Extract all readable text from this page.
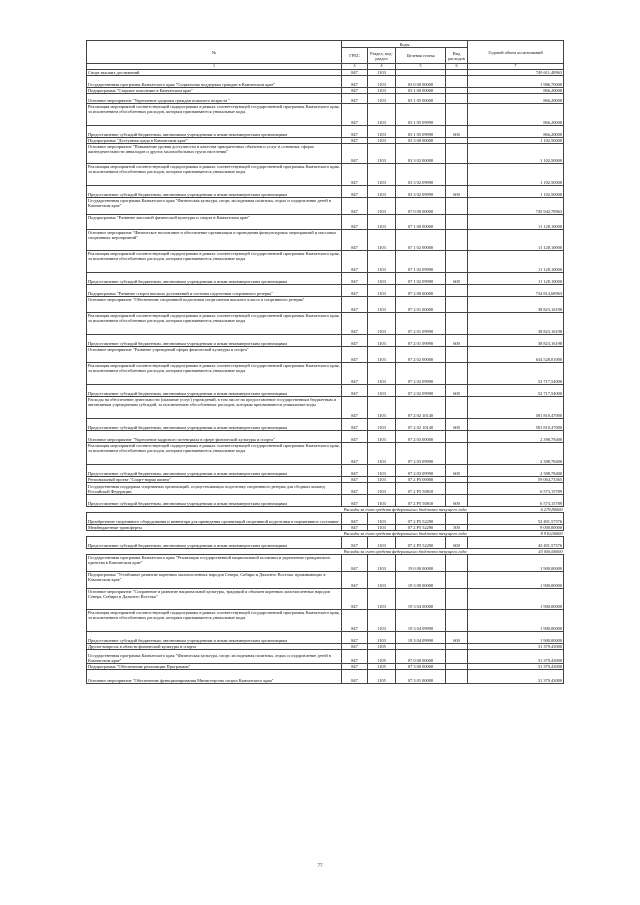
№	Коды				Годовой объем ассигнований
	ГРБС	Раздел, под-раздел	Целевая статья	Вид расходов	
1	3	4	5	6	7
Спорт высших достижений	847	1103			749 611,48963
Государственная программа Камчатского края "Социальная поддержка граждан в Камчатском крае"	847	1103	03 0 00 00000		1 986,70000
Подпрограмма "Старшее поколение в Камчатском крае"	847	1103	03 1 00 00000		866,20000
Основное мероприятие "Укрепление здоровья граждан пожилого возраста "	847	1103	03 1 05 00000		866,20000
Реализация мероприятий соответствующей подпрограммы в рамках соответствующей государственной программы Камчатского края, за исключением обособленных расходов, которым присваиваются уникальные коды	847	1103	03 1 05 09990		866,20000
Предоставление субсидий бюджетным, автономным учреждениям и иным некоммерческим организациям	847	1103	03 1 05 09990	600	866,20000
Подпрограмма "Доступная среда в Камчатском крае"	847	1103	03 3 00 00000		1 102,50000
Основное мероприятие "Повышение уровня доступности и качества приоритетных объектов и услуг в основных сферах жизнедеятельности инвалидов и других маломобильных групп населения"	847	1103	03 3 02 00000		1 102,50000
Реализация мероприятий соответствующей подпрограммы в рамках соответствующей государственной программы Камчатского края, за исключением обособленных расходов, которым присваиваются уникальные коды	847	1103	03 3 02 09990		1 102,50000
Предоставление субсидий бюджетным, автономным учреждениям и иным некоммерческим организациям	847	1103	03 3 02 09990	600	1 102,50000
Государственная программа Камчатского края "Физическая культура, спорт, молодежная политика, отдых и оздоровление детей в Камчатском крае"	847	1103	07 0 00 00000		745 942,78963
Подпрограмма "Развитие массовой физической культуры и спорта в Камчатском крае"	847	1103	07 1 00 00000		11 128,10000
Основное мероприятие "Физическое воспитание и обеспечение организации и проведения физкультурных мероприятий и массовых спортивных мероприятий"	847	1103	07 1 02 00000		11 128,10000
Реализация мероприятий соответствующей подпрограммы в рамках соответствующей государственной программы Камчатского края, за исключением обособленных расходов, которым присваиваются уникальные коды	847	1103	07 1 02 09990		11 128,10000
Предоставление субсидий бюджетным, автономным учреждениям и иным некоммерческим организациям	847	1103	07 1 02 09990	600	11 128,10000
Подпрограмма "Развитие спорта высших достижений и системы подготовки спортивного резерва"	847	1103	07 2 00 00000		734 814,68963
Основное мероприятие "Обеспечение спортивной подготовки спортсменов высшего класса и спортивного резерва"	847	1103	07 2 01 00000		38 823,16198
Реализация мероприятий соответствующей подпрограммы в рамках соответствующей государственной программы Камчатского края, за исключением обособленных расходов, которым присваиваются уникальные коды	847	1103	07 2 01 09990		38 823,16198
Предоставление субсидий бюджетным, автономным учреждениям и иным некоммерческим организациям	847	1103	07 2 01 09990	600	38 823,16198
Основное мероприятие "Развитие учреждений сферы физической культуры и спорта"	847	1103	07 2 02 00000		634 528,01000
Реализация мероприятий соответствующей подпрограммы в рамках соответствующей государственной программы Камчатского края, за исключением обособленных расходов, которым присваиваются уникальные коды	847	1103	07 2 02 09990		52 717,54000
Предоставление субсидий бюджетным, автономным учреждениям и иным некоммерческим организациям	847	1103	07 2 02 09990	600	52 717,54000
Расходы на обеспечение деятельности (оказание услуг) учреждений, в том числе на предоставление государственным бюджетным и автономным учреждениям субсидий, за исключением обособленных расходов, которым присваиваются уникальные коды	847	1103	07 2 02 10140		581 810,47000
Предоставление субсидий бюджетным, автономным учреждениям и иным некоммерческим организациям	847	1103	07 2 02 10140	600	581 810,47000
Основное мероприятие "Укрепление кадрового потенциала в сфере физической культуры и спорта"	847	1103	07 2 03 00000		2 398,78400
Реализация мероприятий соответствующей подпрограммы в рамках соответствующей государственной программы Камчатского края, за исключением обособленных расходов, которым присваиваются уникальные коды	847	1103	07 2 03 09990		2 398,78400
Предоставление субсидий бюджетным, автономным учреждениям и иным некоммерческим организациям	847	1103	07 2 03 09990	600	2 398,78400
Региональный проект "Спорт-норма жизни"	847	1103	07 2 P5 00000		59 064,73365
Государственная поддержка спортивных организаций, осуществляющих подготовку спортивного резерва для сборных команд Российской Федерации	847	1103	07 2 P5 50810		6 573,15789
Предоставление субсидий бюджетным, автономным учреждениям и иным некоммерческим организациям	847	1103	07 2 P5 50810	600	6 573,15789
Расходы за счет средств федерального бюджета текущего года					6 279,80000
Приобретение спортивного оборудования и инвентаря для приведения организаций спортивной подготовки в нормативное состояние	847	1103	07 2 P5 52290		52 491,57576
Межбюджетные трансферты	847	1103	07 2 P5 52290	500	9 000,00000
Расходы за счет средств федерального бюджета текущего года					8 910,00000
Предоставление субсидий бюджетным, автономным учреждениям и иным некоммерческим организациям	847	1103	07 2 P5 52290	600	43 491,57576
Расходы за счет средств федерального бюджета текущего года					43 056,66000
Государственная программа Камчатского края "Реализация государственной национальной политики и укрепление гражданского единства в Камчатском крае"	847	1103	19 0 00 00000		1 900,00000
Подпрограмма "Устойчивое развитие коренных малочисленных народов Севера, Сибири и Дальнего Востока, проживающих в Камчатском крае"	847	1103	19 3 00 00000		1 900,00000
Основное мероприятие "Сохранение и развитие национальной культуры, традиций и обычаев коренных малочисленных народов Севера, Сибири и Дальнего Востока"	847	1103	19 3 04 00000		1 900,00000
Реализация мероприятий соответствующей подпрограммы в рамках соответствующей государственной программы Камчатского края, за исключением обособленных расходов, которым присваиваются уникальные коды	847	1103	19 3 04 09990		1 900,00000
Предоставление субсидий бюджетным, автономным учреждениям и иным некоммерческим организациям	847	1103	19 3 04 09990	600	1 900,00000
Другие вопросы в области физической культуры и спорта	847	1105			31 379,43000
Государственная программа Камчатского края "Физическая культура, спорт, молодежная политика, отдых и оздоровление детей в Камчатском крае"	847	1105	07 0 00 00000		31 379,43000
Подпрограмма "Обеспечение реализации Программы"	847	1105	07 3 00 00000		31 379,43000
Основное мероприятие "Обеспечение функционирования Министерства спорта Камчатского края"	847	1105	07 3 01 00000		31 379,43000
77
